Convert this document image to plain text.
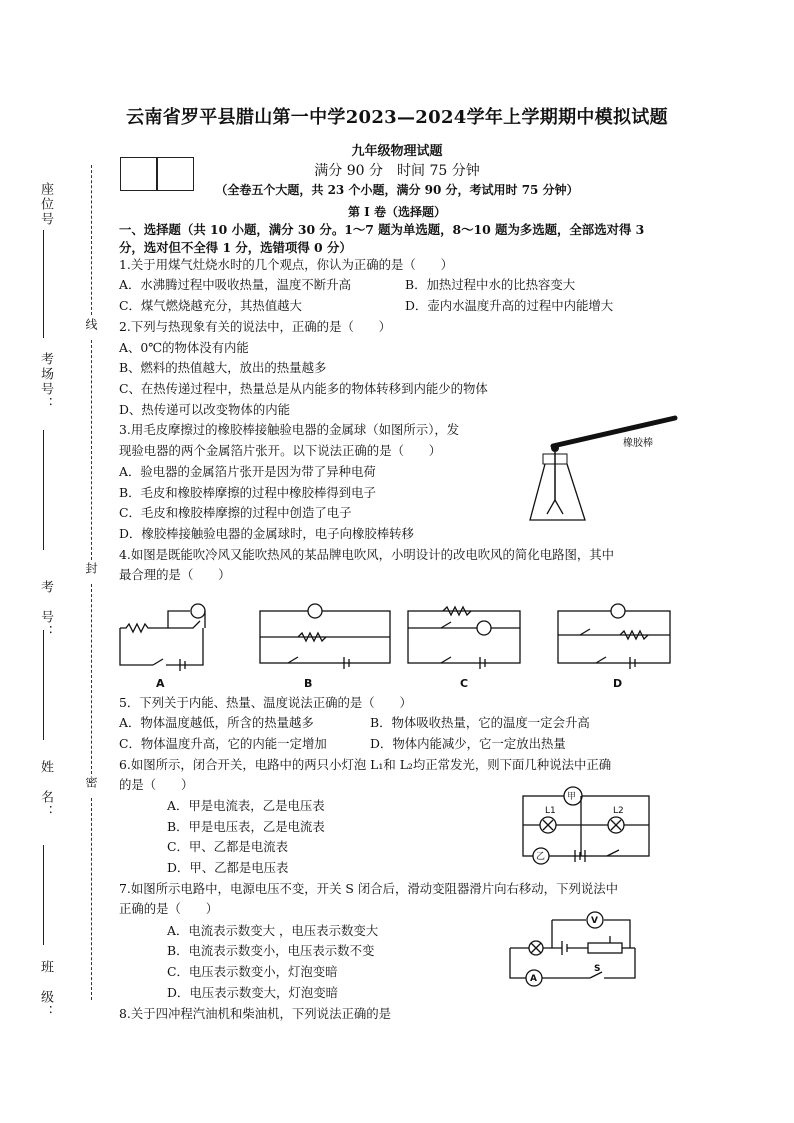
云南省罗平县腊山第一中学2023—2024学年上学期期中模拟试题
九年级物理试题
满分 90 分　时间 75 分钟
（全卷五个大题，共 23 个小题，满分 90 分，考试用时 75 分钟）
第 I 卷（选择题）
座位号
考场号：
考　号：
姓　名：
班　级：
线
封
密
一、选择题（共 10 小题，满分 30 分。1～7 题为单选题，8～10 题为多选题，全部选对得 3
分，选对但不全得 1 分，选错项得 0 分）
1.关于用煤气灶烧水时的几个观点，你认为正确的是（　　）
A．水沸腾过程中吸收热量，温度不断升高	B．加热过程中水的比热容变大
C．煤气燃烧越充分，其热值越大	D．壶内水温度升高的过程中内能增大
2.下列与热现象有关的说法中，正确的是（　　）
A、0℃的物体没有内能
B、燃料的热值越大，放出的热量越多
C、在热传递过程中，热量总是从内能多的物体转移到内能少的物体
D、热传递可以改变物体的内能
3.用毛皮摩擦过的橡胶棒接触验电器的金属球（如图所示），发
现验电器的两个金属箔片张开。以下说法正确的是（　　）
A．验电器的金属箔片张开是因为带了异种电荷
B．毛皮和橡胶棒摩擦的过程中橡胶棒得到电子
C．毛皮和橡胶棒摩擦的过程中创造了电子
D．橡胶棒接触验电器的金属球时，电子向橡胶棒转移
橡胶棒
4.如图是既能吹冷风又能吹热风的某品牌电吹风，小明设计的改电吹风的简化电路图，其中
最合理的是（　　）
A	B	C	D
5．下列关于内能、热量、温度说法正确的是（　　）
A．物体温度越低，所含的热量越多	B．物体吸收热量，它的温度一定会升高
C．物体温度升高，它的内能一定增加	D．物体内能减少，它一定放出热量
6.如图所示，闭合开关，电路中的两只小灯泡 L₁和 L₂均正常发光，则下面几种说法中正确
的是（　　）
A．甲是电流表，乙是电压表
B．甲是电压表，乙是电流表
C．甲、乙都是电流表
D．甲、乙都是电压表
甲
乙
L1	L2
7.如图所示电路中，电源电压不变，开关 S 闭合后，滑动变阻器滑片向右移动，下列说法中
正确的是（　　）
A．电流表示数变大 ，电压表示数变大
B．电流表示数变小，电压表示数不变
C．电压表示数变小，灯泡变暗
D．电压表示数变大，灯泡变暗
V
A
S
8.关于四冲程汽油机和柴油机，下列说法正确的是
